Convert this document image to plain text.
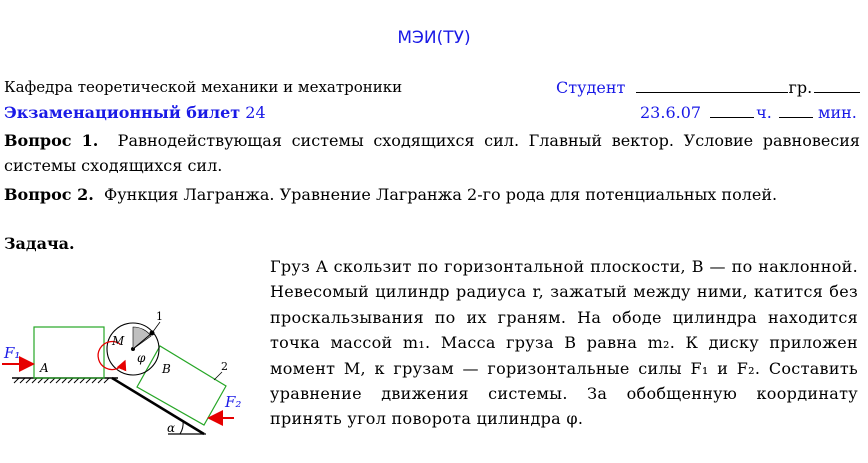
МЭИ(ТУ)
Кафедра теоретической механики и мехатроники	Студент	гр.
Экзаменационный билет 24	23.6.07	ч.	мин.
Вопрос 1. Равнодействующая системы сходящихся сил. Главный вектор. Условие равновесия системы сходящихся сил.
Вопрос 2. Функция Лагранжа. Уравнение Лагранжа 2-го рода для потенциальных полей.
Задача.
Груз A скользит по горизонтальной плоскости, B — по наклонной. Невесомый цилиндр радиуса r, зажатый между ними, катится без проскальзывания по их граням. На ободе цилиндра находится точка массой m₁. Масса груза B равна m₂. К диску приложен момент M, к грузам — горизонтальные силы F₁ и F₂. Составить уравнение движения системы. За обобщенную координату принять угол поворота цилиндра φ.
F₁
A	B
M
φ
1
2
F₂
α
